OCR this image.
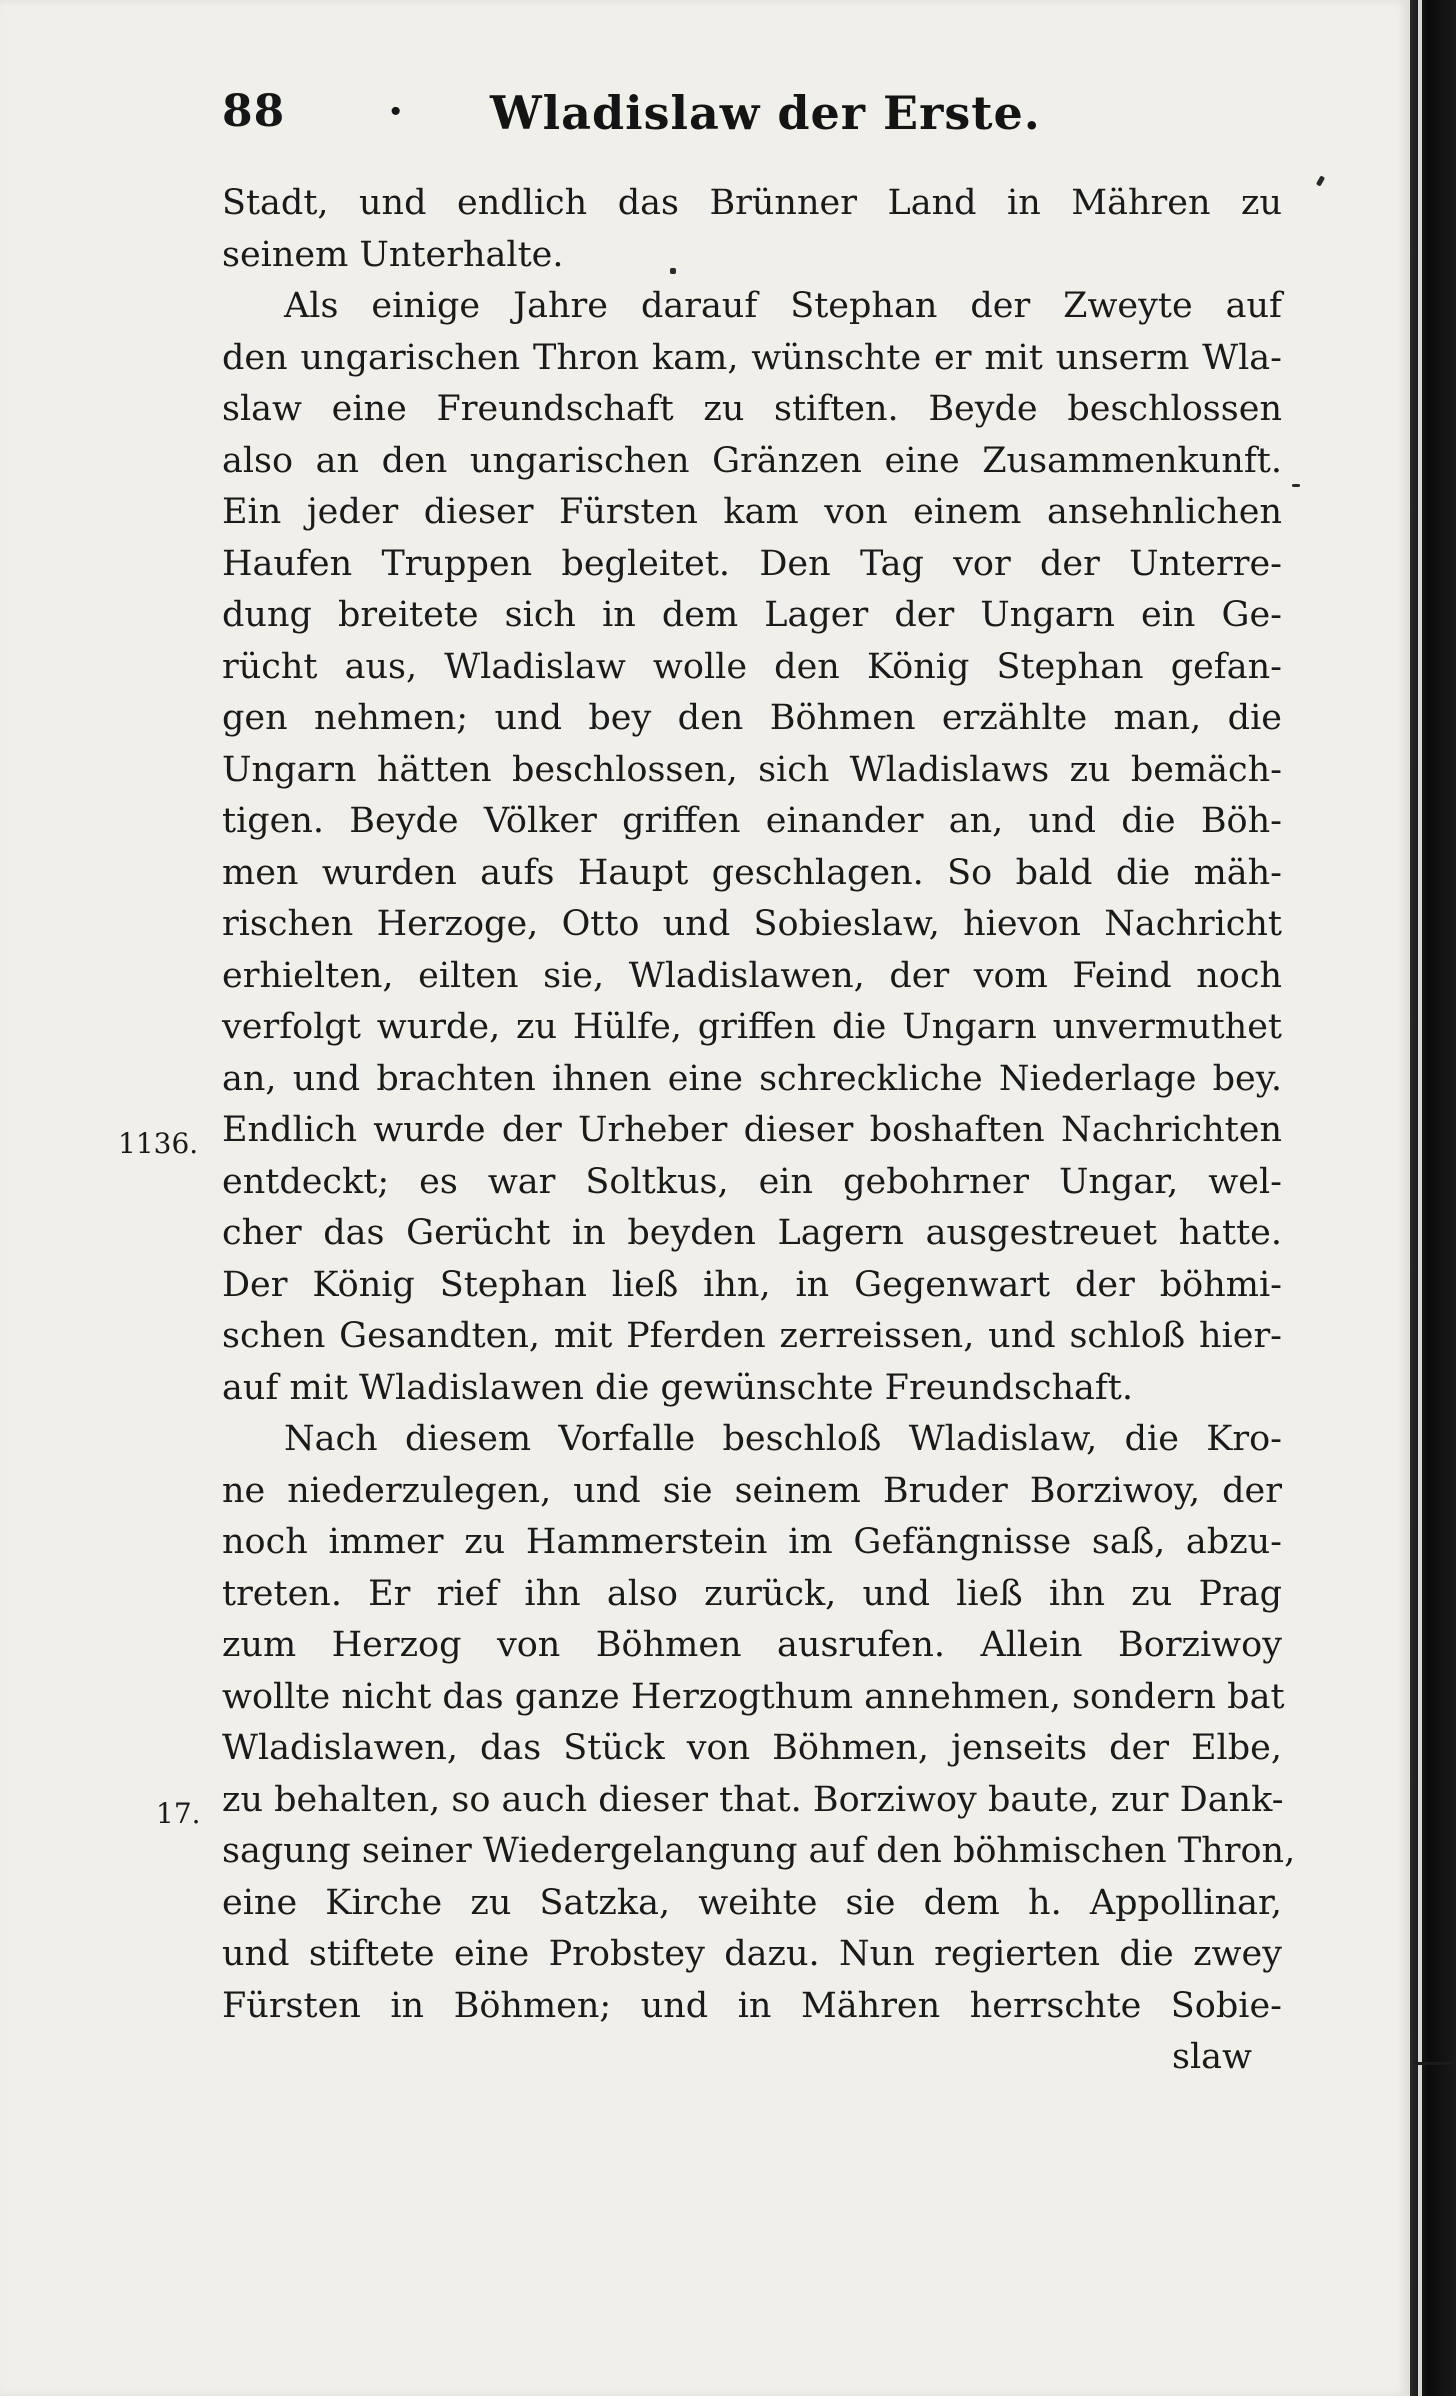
88 · Wladislaw der Erste.
Stadt, und endlich das Brünner Land in Mähren zu
seinem Unterhalte.
Als einige Jahre darauf Stephan der Zweyte auf
den ungarischen Thron kam, wünschte er mit unserm Wla-
slaw eine Freundschaft zu stiften. Beyde beschlossen
also an den ungarischen Gränzen eine Zusammenkunft.
Ein jeder dieser Fürsten kam von einem ansehnlichen
Haufen Truppen begleitet. Den Tag vor der Unterre-
dung breitete sich in dem Lager der Ungarn ein Ge-
rücht aus, Wladislaw wolle den König Stephan gefan-
gen nehmen; und bey den Böhmen erzählte man, die
Ungarn hätten beschlossen, sich Wladislaws zu bemäch-
tigen. Beyde Völker griffen einander an, und die Böh-
men wurden aufs Haupt geschlagen. So bald die mäh-
rischen Herzoge, Otto und Sobieslaw, hievon Nachricht
erhielten, eilten sie, Wladislawen, der vom Feind noch
verfolgt wurde, zu Hülfe, griffen die Ungarn unvermuthet
an, und brachten ihnen eine schreckliche Niederlage bey.
Endlich wurde der Urheber dieser boshaften Nachrichten
entdeckt; es war Soltkus, ein gebohrner Ungar, wel-
cher das Gerücht in beyden Lagern ausgestreuet hatte.
Der König Stephan ließ ihn, in Gegenwart der böhmi-
schen Gesandten, mit Pferden zerreissen, und schloß hier-
auf mit Wladislawen die gewünschte Freundschaft.
Nach diesem Vorfalle beschloß Wladislaw, die Kro-
ne niederzulegen, und sie seinem Bruder Borziwoy, der
noch immer zu Hammerstein im Gefängnisse saß, abzu-
treten. Er rief ihn also zurück, und ließ ihn zu Prag
zum Herzog von Böhmen ausrufen. Allein Borziwoy
wollte nicht das ganze Herzogthum annehmen, sondern bat
Wladislawen, das Stück von Böhmen, jenseits der Elbe,
zu behalten, so auch dieser that. Borziwoy baute, zur Dank-
sagung seiner Wiedergelangung auf den böhmischen Thron,
eine Kirche zu Satzka, weihte sie dem h. Appollinar,
und stiftete eine Probstey dazu. Nun regierten die zwey
Fürsten in Böhmen; und in Mähren herrschte Sobie-
slaw
1136.
17.
